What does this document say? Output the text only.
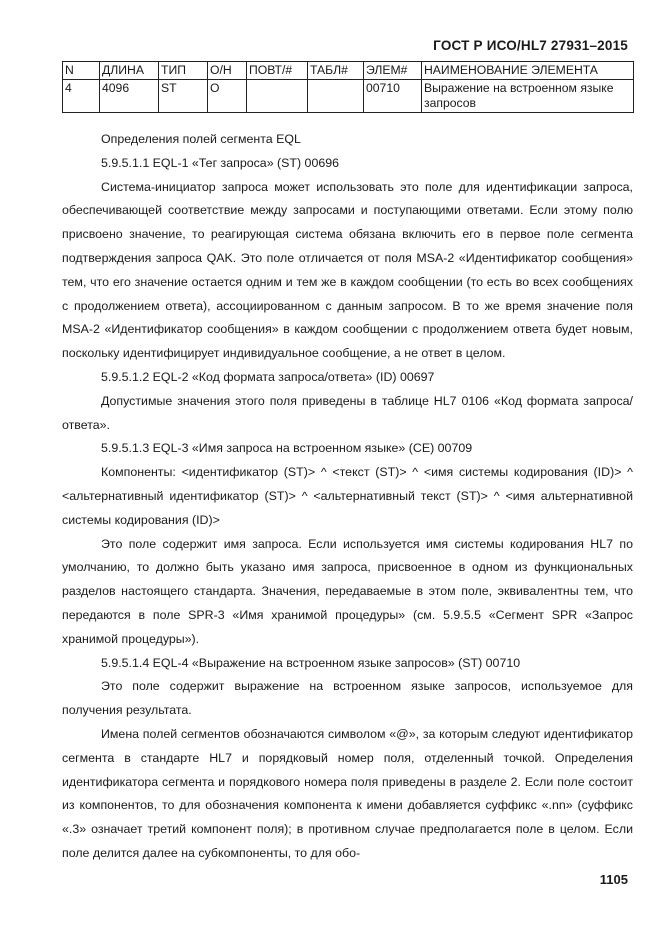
ГОСТ Р ИСО/HL7 27931–2015
N	ДЛИНА	ТИП	О/Н	ПОВТ/#	ТАБЛ#	ЭЛЕМ#	НАИМЕНОВАНИЕ ЭЛЕМЕНТА
4	4096	ST	O			00710	Выражение на встроенном языке запросов

Определения полей сегмента EQL

5.9.5.1.1 EQL-1 «Тег запроса» (ST) 00696

Система-инициатор запроса может использовать это поле для идентификации запроса, обеспечивающей соответствие между запросами и поступающими ответами. Если этому полю присвоено значение, то реагирующая система обязана включить его в первое поле сегмента подтверждения запроса QAK. Это поле отличается от поля MSA-2 «Идентификатор сообщения» тем, что его значение остается одним и тем же в каждом сообщении (то есть во всех сообщениях с продолжением ответа), ассоциированном с данным запросом. В то же время значение поля MSA-2 «Идентификатор сообщения» в каждом сообщении с продолжением ответа будет новым, поскольку идентифицирует индивидуальное сообщение, а не ответ в целом.

5.9.5.1.2 EQL-2 «Код формата запроса/ответа» (ID) 00697

Допустимые значения этого поля приведены в таблице HL7 0106 «Код формата запроса/ответа».

5.9.5.1.3 EQL-3 «Имя запроса на встроенном языке» (CE) 00709

Компоненты: <идентификатор (ST)> ^ <текст (ST)> ^ <имя системы кодирования (ID)> ^ <альтернативный идентификатор (ST)> ^ <альтернативный текст (ST)> ^ <имя альтернативной системы кодирования (ID)>

Это поле содержит имя запроса. Если используется имя системы кодирования HL7 по умолчанию, то должно быть указано имя запроса, присвоенное в одном из функциональных разделов настоящего стандарта. Значения, передаваемые в этом поле, эквивалентны тем, что передаются в поле SPR-3 «Имя хранимой процедуры» (см. 5.9.5.5 «Сегмент SPR «Запрос хранимой процедуры»).

5.9.5.1.4 EQL-4 «Выражение на встроенном языке запросов» (ST) 00710

Это поле содержит выражение на встроенном языке запросов, используемое для получения результата.

Имена полей сегментов обозначаются символом «@», за которым следуют идентификатор сегмента в стандарте HL7 и порядковый номер поля, отделенный точкой. Определения идентификатора сегмента и порядкового номера поля приведены в разделе 2. Если поле состоит из компонентов, то для обозначения компонента к имени добавляется суффикс «.nn» (суффикс «.3» означает третий компонент поля); в противном случае предполагается поле в целом. Если поле делится далее на субкомпоненты, то для обо-

1105
